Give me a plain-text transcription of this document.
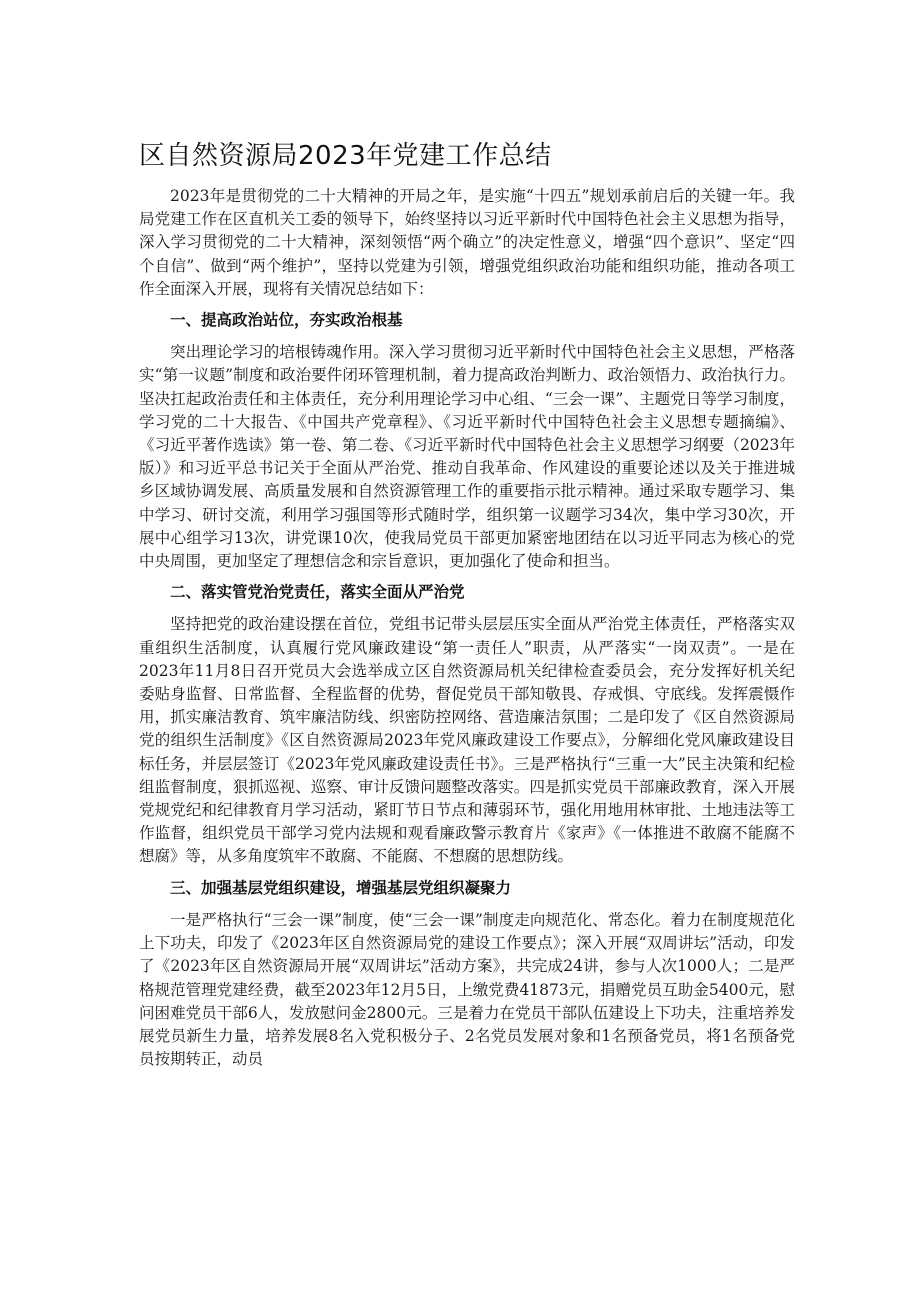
区自然资源局2023年党建工作总结

2023年是贯彻党的二十大精神的开局之年，是实施“十四五”规划承前启后的关键一年。我局党建工作在区直机关工委的领导下，始终坚持以习近平新时代中国特色社会主义思想为指导，深入学习贯彻党的二十大精神，深刻领悟“两个确立”的决定性意义，增强“四个意识”、坚定“四个自信”、做到“两个维护”，坚持以党建为引领，增强党组织政治功能和组织功能，推动各项工作全面深入开展，现将有关情况总结如下：

一、提高政治站位，夯实政治根基

突出理论学习的培根铸魂作用。深入学习贯彻习近平新时代中国特色社会主义思想，严格落实“第一议题”制度和政治要件闭环管理机制，着力提高政治判断力、政治领悟力、政治执行力。坚决扛起政治责任和主体责任，充分利用理论学习中心组、“三会一课”、主题党日等学习制度，学习党的二十大报告、《中国共产党章程》、《习近平新时代中国特色社会主义思想专题摘编》、《习近平著作选读》第一卷、第二卷、《习近平新时代中国特色社会主义思想学习纲要（2023年版）》和习近平总书记关于全面从严治党、推动自我革命、作风建设的重要论述以及关于推进城乡区域协调发展、高质量发展和自然资源管理工作的重要指示批示精神。通过采取专题学习、集中学习、研讨交流，利用学习强国等形式随时学，组织第一议题学习34次，集中学习30次，开展中心组学习13次，讲党课10次，使我局党员干部更加紧密地团结在以习近平同志为核心的党中央周围，更加坚定了理想信念和宗旨意识，更加强化了使命和担当。

二、落实管党治党责任，落实全面从严治党

坚持把党的政治建设摆在首位，党组书记带头层层压实全面从严治党主体责任，严格落实双重组织生活制度，认真履行党风廉政建设“第一责任人”职责，从严落实“一岗双责”。一是在2023年11月8日召开党员大会选举成立区自然资源局机关纪律检查委员会，充分发挥好机关纪委贴身监督、日常监督、全程监督的优势，督促党员干部知敬畏、存戒惧、守底线。发挥震慑作用，抓实廉洁教育、筑牢廉洁防线、织密防控网络、营造廉洁氛围；二是印发了《区自然资源局党的组织生活制度》《区自然资源局2023年党风廉政建设工作要点》，分解细化党风廉政建设目标任务，并层层签订《2023年党风廉政建设责任书》。三是严格执行“三重一大”民主决策和纪检组监督制度，狠抓巡视、巡察、审计反馈问题整改落实。四是抓实党员干部廉政教育，深入开展党规党纪和纪律教育月学习活动，紧盯节日节点和薄弱环节，强化用地用林审批、土地违法等工作监督，组织党员干部学习党内法规和观看廉政警示教育片《家声》《一体推进不敢腐不能腐不想腐》等，从多角度筑牢不敢腐、不能腐、不想腐的思想防线。

三、加强基层党组织建设，增强基层党组织凝聚力

一是严格执行“三会一课”制度，使“三会一课”制度走向规范化、常态化。着力在制度规范化上下功夫，印发了《2023年区自然资源局党的建设工作要点》；深入开展“双周讲坛”活动，印发了《2023年区自然资源局开展“双周讲坛”活动方案》，共完成24讲，参与人次1000人；二是严格规范管理党建经费，截至2023年12月5日，上缴党费41873元，捐赠党员互助金5400元，慰问困难党员干部6人，发放慰问金2800元。三是着力在党员干部队伍建设上下功夫，注重培养发展党员新生力量，培养发展8名入党积极分子、2名党员发展对象和1名预备党员，将1名预备党员按期转正，动员
